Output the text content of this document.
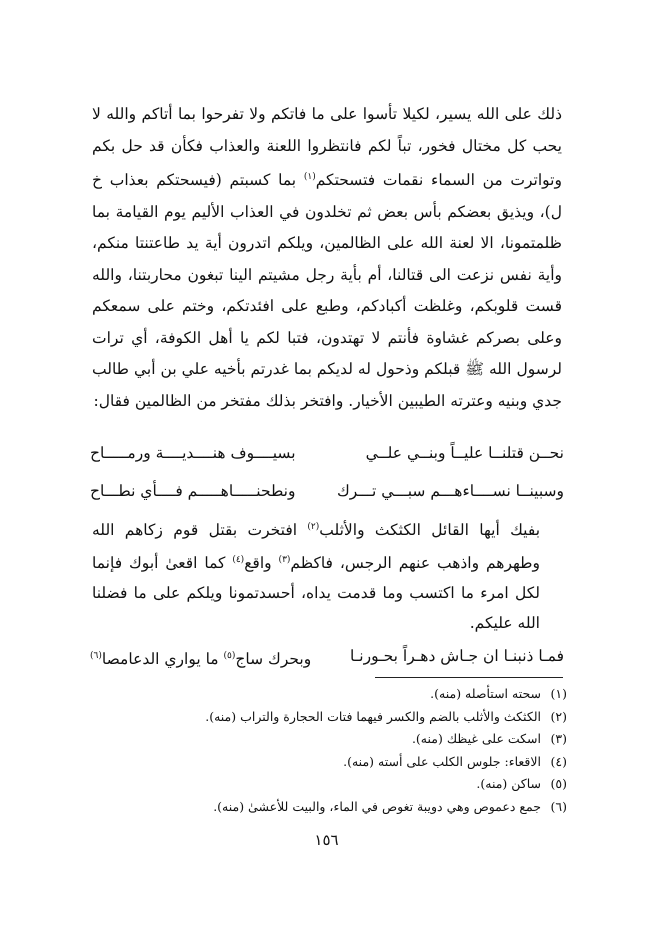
ذلك على الله يسير، لكيلا تأسوا على ما فاتكم ولا تفرحوا بما أتاكم والله لا يحب كل مختال فخور، تباً لكم فانتظروا اللعنة والعذاب فكأن قد حل بكم وتواترت من السماء نقمات فتسحتكم$^{(١)}$ بما كسبتم (فيسحتكم بعذاب خ ل)، ويذيق بعضكم بأس بعض ثم تخلدون في العذاب الأليم يوم القيامة بما ظلمتمونا، الا لعنة الله على الظالمين، ويلكم اتدرون أية يد طاعتنتا منكم، وأية نفس نزعت الى قتالنا، أم بأية رجل مشيتم الينا تبغون محاربتنا، والله قست قلوبكم، وغلظت أكبادكم، وطبع على افئدتكم، وختم على سمعكم وعلى بصركم غشاوة فأنتم لا تهتدون، فتبا لكم يا أهل الكوفة، أي ترات لرسول الله ﷺ قبلكم وذحول له لديكم بما غدرتم بأخيه علي بن أبي طالب جدي وبنيه وعترته الطيبين الأخيار. وافتخر بذلك مفتخر من الظالمين فقال:

نحــن قتلنــا عليــاً وبنــي علــي
بسيــــوف هنــــديــــة ورمـــــاح
وسبينــا نســــاءهـــم سبـــي تـــرك
ونطحنـــــاهـــــم فــــأي نطـــاح

بفيك أيها القائل الكثكث والأثلب$^{(٢)}$ افتخرت بقتل قوم زكاهم الله وطهرهم واذهب عنهم الرجس، فاكظم$^{(٣)}$ واقع$^{(٤)}$ كما اقعىٰ أبوك فإنما لكل امرء ما اكتسب وما قدمت يداه، أحسدتمونا ويلكم على ما فضلنا الله عليكم.

فمـا ذنبنـا ان جـاش دهـراً بحـورنـا
وبحرك ساج$^{(٥)}$ ما يواري الدعامصا$^{(٦)}$
(١) سحته استأصله (منه).
(٢) الكثكث والأثلب بالضم والكسر فيهما فتات الحجارة والتراب (منه).
(٣) اسكت على غيظك (منه).
(٤) الاقعاء: جلوس الكلب على أسته (منه).
(٥) ساكن (منه).
(٦) جمع دعموص وهي دويبة تغوص في الماء، والبيت للأعشىٰ (منه).
١٥٦
